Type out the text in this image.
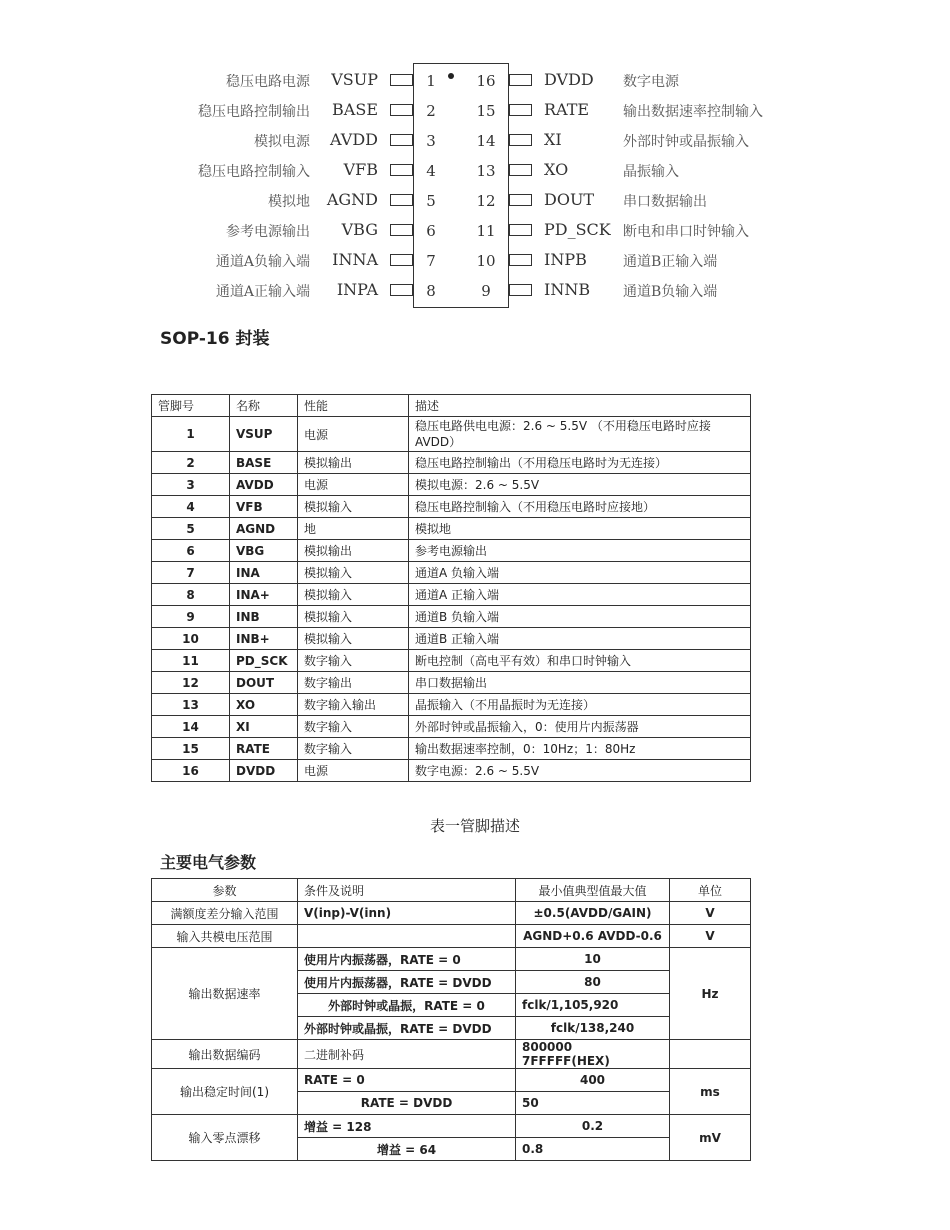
稳压电路电源	VSUP	1	16	DVDD 数字电源
稳压电路控制输出	BASE	2	15	RATE 输出数据速率控制输入
模拟电源	AVDD	3	14	XI	外部时钟或晶振输入
稳压电路控制输入	VFB	4	13	XO	晶振输入
模拟地	AGND	5	12	DOUT 串口数据输出
参考电源输出	VBG	6	11	PD_SCK 断电和串口时钟输入
通道A负输入端	INNA	7	10	INPB	通道B正输入端
通道A正输入端	INPA	8	9	INNB 通道B负输入端
SOP-16 封装
管脚号	名称	性能	描述
1	VSUP	电源	稳压电路供电电源：2.6 ~ 5.5V （不用稳压电路时应接AVDD）
2	BASE	模拟输出	稳压电路控制输出（不用稳压电路时为无连接）
3	AVDD	电源	模拟电源：2.6 ~ 5.5V
4	VFB	模拟输入	稳压电路控制输入（不用稳压电路时应接地）
5	AGND	地	模拟地
6	VBG	模拟输出	参考电源输出
7	INA	模拟输入	通道A 负输入端
8	INA+	模拟输入	通道A 正输入端
9	INB	模拟输入	通道B 负输入端
10	INB+	模拟输入	通道B 正输入端
11	PD_SCK	数字输入	断电控制（高电平有效）和串口时钟输入
12	DOUT	数字输出	串口数据输出
13	XO	数字输入输出	晶振输入（不用晶振时为无连接）
14	XI	数字输入	外部时钟或晶振输入，0：使用片内振荡器
15	RATE	数字输入	输出数据速率控制，0：10Hz；1：80Hz
16	DVDD	电源	数字电源：2.6 ~ 5.5V
表一管脚描述
主要电气参数
参数	条件及说明	最小值典型值最大值	单位
满额度差分输入范围	V(inp)-V(inn)	±0.5(AVDD/GAIN)	V
输入共模电压范围		AGND+0.6 AVDD-0.6	V
输出数据速率	使用片内振荡器，RATE = 0	10	Hz
	使用片内振荡器，RATE = DVDD	80	
	外部时钟或晶振，RATE = 0	fclk/1,105,920	
	外部时钟或晶振，RATE = DVDD	fclk/138,240	
输出数据编码	二进制补码	800000 7FFFFF(HEX)	
输出稳定时间(1)	RATE = 0	400	ms
	RATE = DVDD	50	
输入零点漂移	增益 = 128	0.2	mV
	增益 = 64	0.8	
